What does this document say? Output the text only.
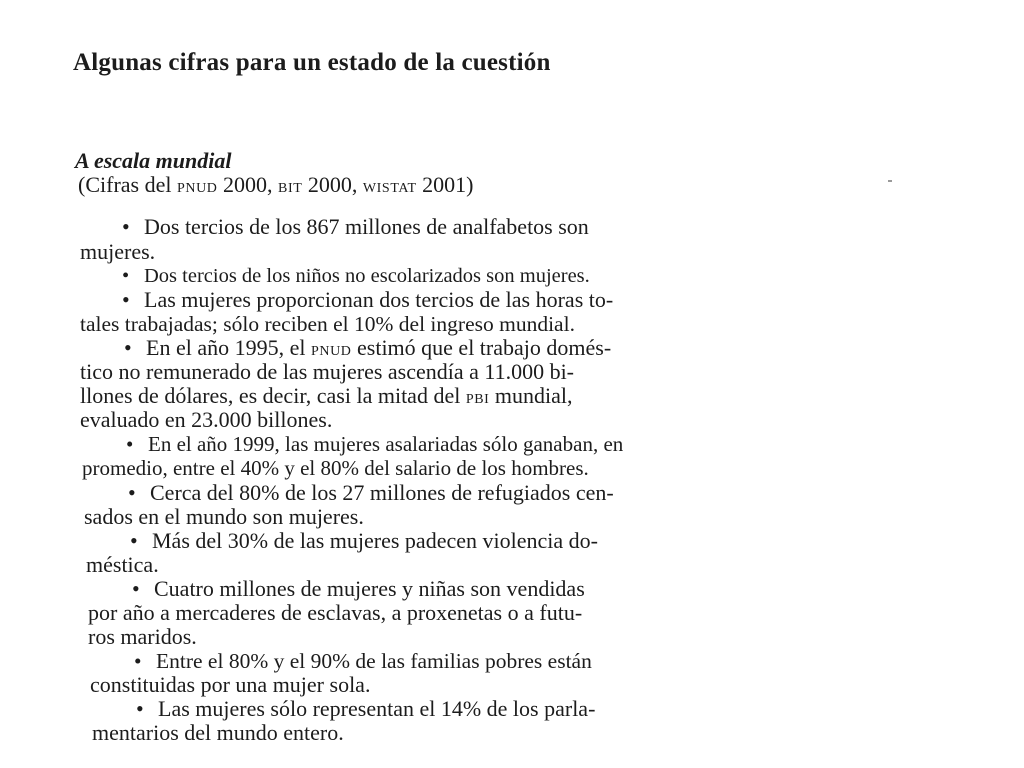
Algunas cifras para un estado de la cuestión
A escala mundial
(Cifras del PNUD 2000, BIT 2000, WISTAT 2001)
• Dos tercios de los 867 millones de analfabetos son
mujeres.
• Dos tercios de los niños no escolarizados son mujeres.
• Las mujeres proporcionan dos tercios de las horas to-
tales trabajadas; sólo reciben el 10% del ingreso mundial.
• En el año 1995, el PNUD estimó que el trabajo domés-
tico no remunerado de las mujeres ascendía a 11.000 bi-
llones de dólares, es decir, casi la mitad del PBI mundial,
evaluado en 23.000 billones.
• En el año 1999, las mujeres asalariadas sólo ganaban, en
promedio, entre el 40% y el 80% del salario de los hombres.
• Cerca del 80% de los 27 millones de refugiados cen-
sados en el mundo son mujeres.
• Más del 30% de las mujeres padecen violencia do-
méstica.
• Cuatro millones de mujeres y niñas son vendidas
por año a mercaderes de esclavas, a proxenetas o a futu-
ros maridos.
• Entre el 80% y el 90% de las familias pobres están
constituidas por una mujer sola.
• Las mujeres sólo representan el 14% de los parla-
mentarios del mundo entero.
